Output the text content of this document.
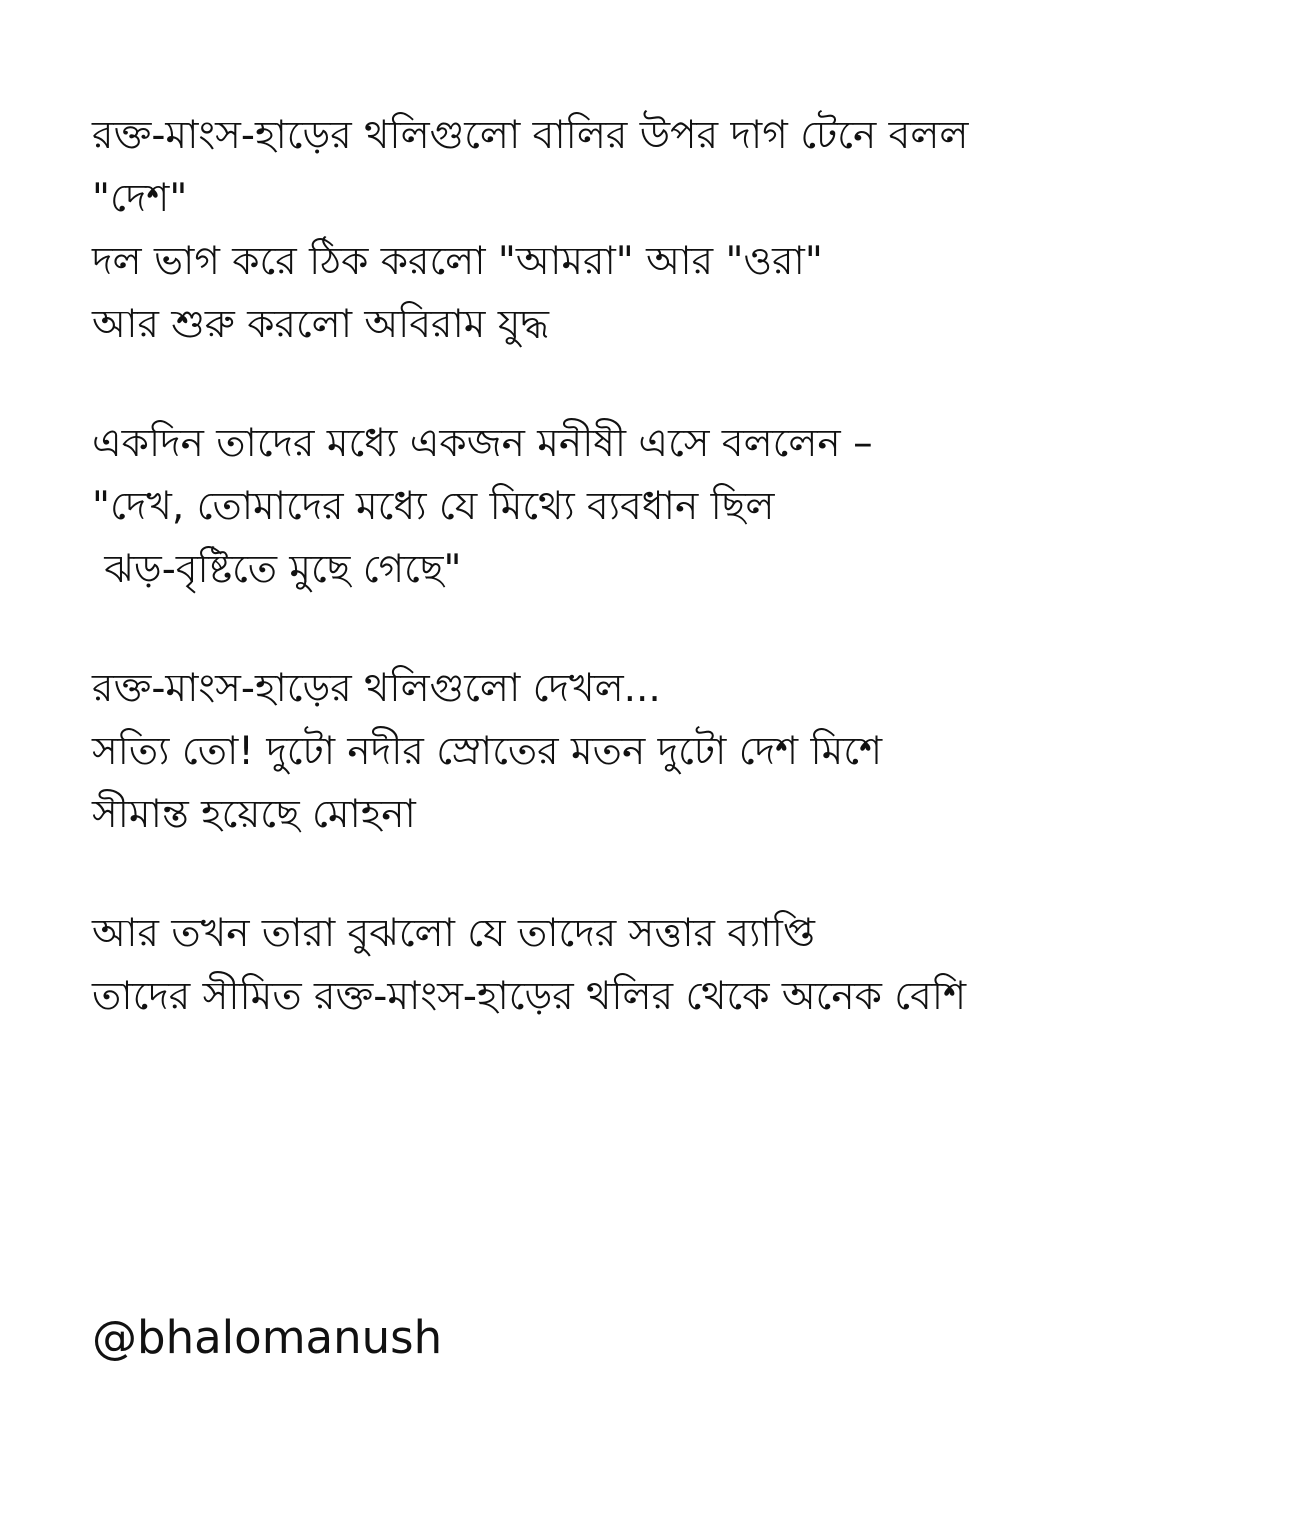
রক্ত-মাংস-হাড়ের থলিগুলো বালির উপর দাগ টেনে বলল
"দেশ"
দল ভাগ করে ঠিক করলো "আমরা" আর "ওরা"
আর শুরু করলো অবিরাম যুদ্ধ
একদিন তাদের মধ্যে একজন মনীষী এসে বললেন –
"দেখ, তোমাদের মধ্যে যে মিথ্যে ব্যবধান ছিল
ঝড়-বৃষ্টিতে মুছে গেছে"
রক্ত-মাংস-হাড়ের থলিগুলো দেখল...
সত্যি তো! দুটো নদীর স্রোতের মতন দুটো দেশ মিশে
সীমান্ত হয়েছে মোহনা
আর তখন তারা বুঝলো যে তাদের সত্তার ব্যাপ্তি
তাদের সীমিত রক্ত-মাংস-হাড়ের থলির থেকে অনেক বেশি
@bhalomanush
